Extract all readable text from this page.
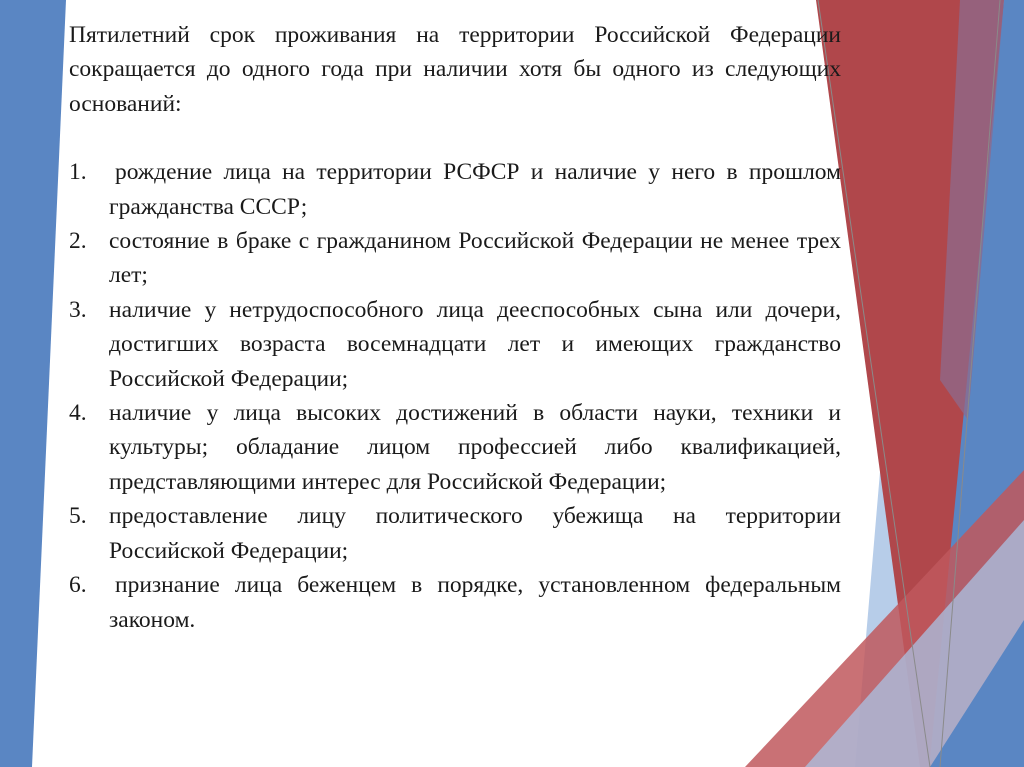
Пятилетний срок проживания на территории Российской Федерации сокращается до одного года при наличии хотя бы одного из следующих оснований:

1.	рождение лица на территории РСФСР и наличие у него в прошлом гражданства СССР;
2. состояние в браке с гражданином Российской Федерации не менее трех лет;
3. наличие у нетрудоспособного лица дееспособных сына или дочери, достигших возраста восемнадцати лет и имеющих гражданство Российской Федерации;
4. наличие у лица высоких достижений в области науки, техники и культуры; обладание лицом профессией либо квалификацией, представляющими интерес для Российской Федерации;
5. предоставление лицу политического убежища на территории Российской Федерации;
6.	признание лица беженцем в порядке, установленном федеральным законом.
